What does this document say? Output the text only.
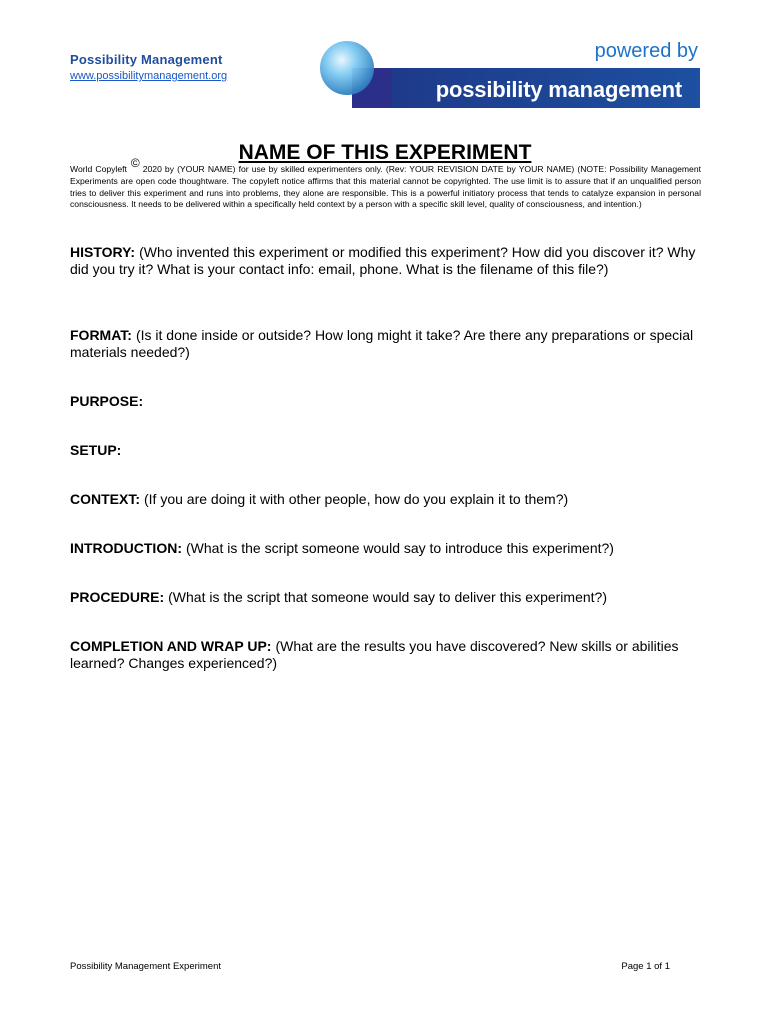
Possibility Management
www.possibilitymanagement.org
powered by
possibility management
NAME OF THIS EXPERIMENT

World Copyleft © 2020 by (YOUR NAME) for use by skilled experimenters only. (Rev: YOUR REVISION DATE by YOUR NAME) (NOTE: Possibility Management Experiments are open code thoughtware. The copyleft notice affirms that this material cannot be copyrighted. The use limit is to assure that if an unqualified person tries to deliver this experiment and runs into problems, they alone are responsible. This is a powerful initiatory process that tends to catalyze expansion in personal consciousness. It needs to be delivered within a specifically held context by a person with a specific skill level, quality of consciousness, and intention.)

HISTORY: (Who invented this experiment or modified this experiment? How did you discover it? Why did you try it? What is your contact info: email, phone. What is the filename of this file?)

FORMAT: (Is it done inside or outside? How long might it take? Are there any preparations or special materials needed?)

PURPOSE:

SETUP:

CONTEXT: (If you are doing it with other people, how do you explain it to them?)

INTRODUCTION: (What is the script someone would say to introduce this experiment?)

PROCEDURE: (What is the script that someone would say to deliver this experiment?)

COMPLETION AND WRAP UP: (What are the results you have discovered? New skills or abilities learned? Changes experienced?)

Possibility Management Experiment	Page 1 of 1
